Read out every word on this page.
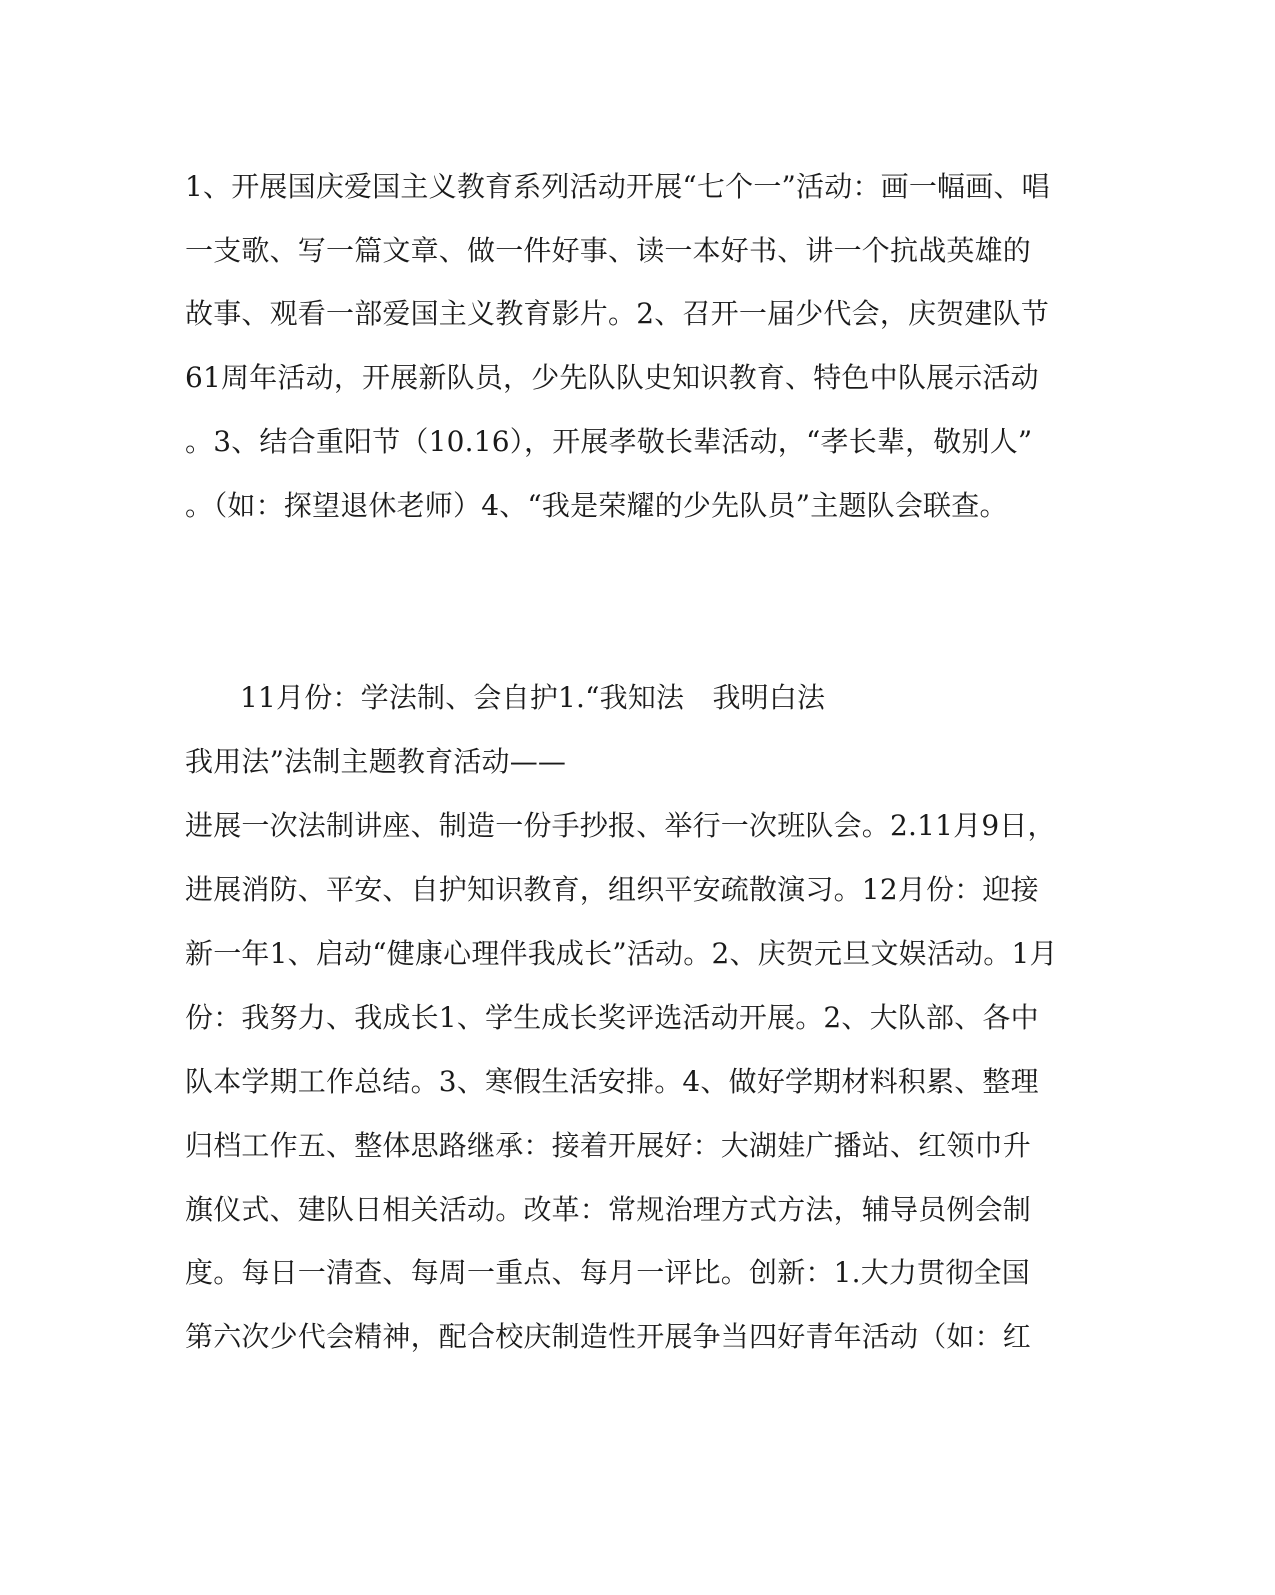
1、开展国庆爱国主义教育系列活动开展“七个一”活动：画一幅画、唱
一支歌、写一篇文章、做一件好事、读一本好书、讲一个抗战英雄的
故事、观看一部爱国主义教育影片。2、召开一届少代会，庆贺建队节
61周年活动，开展新队员，少先队队史知识教育、特色中队展示活动
。3、结合重阳节（10.16），开展孝敬长辈活动，“孝长辈，敬别人”
。（如：探望退休老师）4、“我是荣耀的少先队员”主题队会联查。
11月份：学法制、会自护1.“我知法　我明白法
我用法”法制主题教育活动——
进展一次法制讲座、制造一份手抄报、举行一次班队会。2.11月9日，
进展消防、平安、自护知识教育，组织平安疏散演习。12月份：迎接
新一年1、启动“健康心理伴我成长”活动。2、庆贺元旦文娱活动。1月
份：我努力、我成长1、学生成长奖评选活动开展。2、大队部、各中
队本学期工作总结。3、寒假生活安排。4、做好学期材料积累、整理
归档工作五、整体思路继承：接着开展好：大湖娃广播站、红领巾升
旗仪式、建队日相关活动。改革：常规治理方式方法，辅导员例会制
度。每日一清查、每周一重点、每月一评比。创新：1.大力贯彻全国
第六次少代会精神，配合校庆制造性开展争当四好青年活动（如：红
